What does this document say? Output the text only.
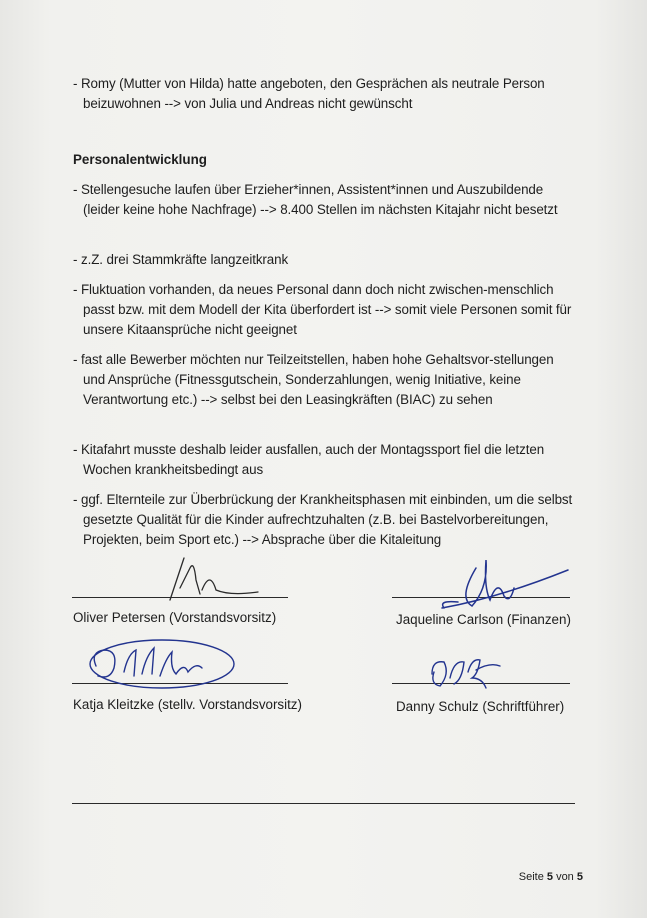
- Romy (Mutter von Hilda) hatte angeboten, den Gesprächen als neutrale Person beizuwohnen --> von Julia und Andreas nicht gewünscht
Personalentwicklung
- Stellengesuche laufen über Erzieher*innen, Assistent*innen und Auszubildende (leider keine hohe Nachfrage) --> 8.400 Stellen im nächsten Kitajahr nicht besetzt
- z.Z. drei Stammkräfte langzeitkrank
- Fluktuation vorhanden, da neues Personal dann doch nicht zwischen-menschlich passt bzw. mit dem Modell der Kita überfordert ist --> somit viele Personen somit für unsere Kitaansprüche nicht geeignet
- fast alle Bewerber möchten nur Teilzeitstellen, haben hohe Gehaltsvor-stellungen und Ansprüche (Fitnessgutschein, Sonderzahlungen, wenig Initiative, keine Verantwortung etc.) --> selbst bei den Leasingkräften (BIAC) zu sehen
- Kitafahrt musste deshalb leider ausfallen, auch der Montagssport fiel die letzten Wochen krankheitsbedingt aus
- ggf. Elternteile zur Überbrückung der Krankheitsphasen mit einbinden, um die selbst gesetzte Qualität für die Kinder aufrechtzuhalten (z.B. bei Bastelvorbereitungen, Projekten, beim Sport etc.) --> Absprache über die Kitaleitung
Oliver Petersen (Vorstandsvorsitz)	Jaqueline Carlson (Finanzen)
Katja Kleitzke (stellv. Vorstandsvorsitz)	Danny Schulz (Schriftführer)
Seite 5 von 5
